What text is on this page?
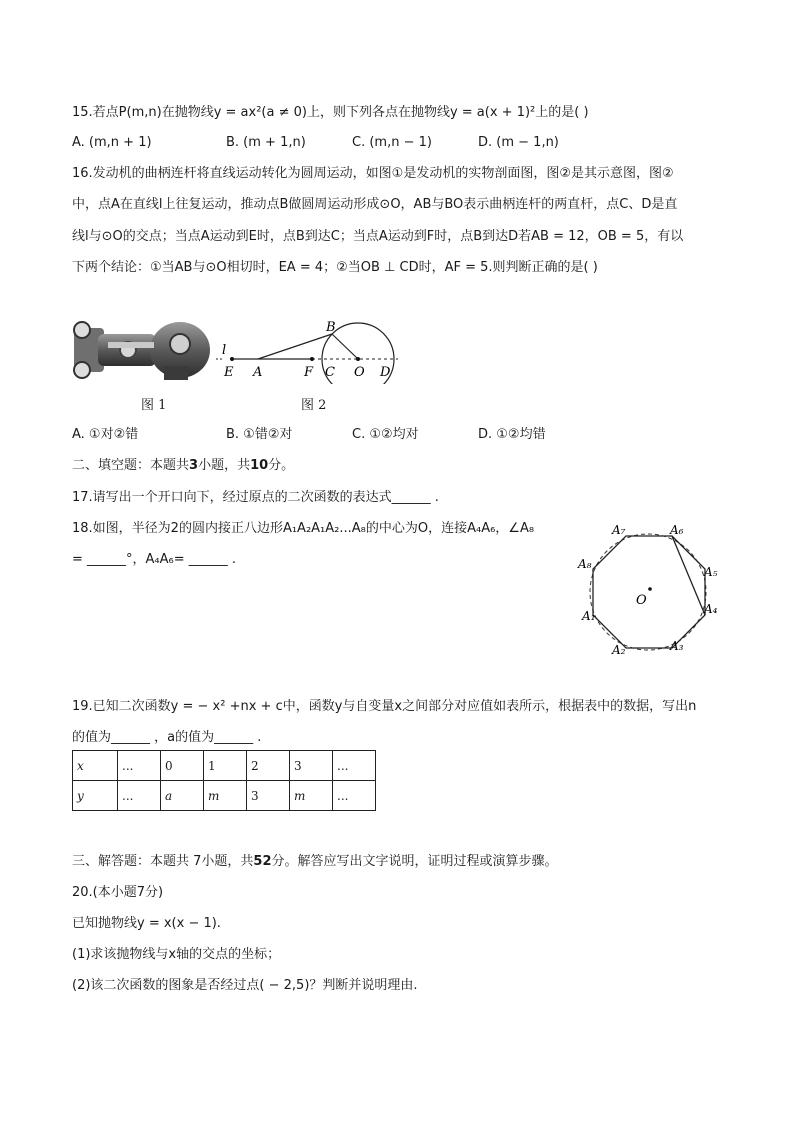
15.若点P(m,n)在抛物线y = ax²(a ≠ 0)上，则下列各点在抛物线y = a(x + 1)²上的是( )
A. (m,n + 1)	B. (m + 1,n)	C. (m,n − 1)	D. (m − 1,n)
16.发动机的曲柄连杆将直线运动转化为圆周运动，如图①是发动机的实物剖面图，图②是其示意图，图②
中，点A在直线l上往复运动，推动点B做圆周运动形成⊙O，AB与BO表示曲柄连杆的两直杆，点C、D是直
线l与⊙O的交点；当点A运动到E时，点B到达C；当点A运动到F时，点B到达D若AB = 12，OB = 5，有以
下两个结论：①当AB与⊙O相切时，EA = 4；②当OB ⊥ CD时，AF = 5.则判断正确的是( )
图 1
B
l
E A	F C O D
图 2
A. ①对②错	B. ①错②对	C. ①②均对	D. ①②均错
二、填空题：本题共3小题，共10分。
17.请写出一个开口向下，经过原点的二次函数的表达式______ .
18.如图，半径为2的圆内接正八边形A₁A₂A₁A₂...A₈的中心为O，连接A₄A₆，∠A₈
= ______°，A₄A₆= ______ .
O
A₇	A₆
A₈
A₅
A₄
A₁
A₂	A₃
19.已知二次函数y = − x² +nx + c中，函数y与自变量x之间部分对应值如表所示，根据表中的数据，写出n
的值为______ ，a的值为______ .
x	...	0	1	2	3	...
y	...	a	m	3	m	...
三、解答题：本题共 7小题，共52分。解答应写出文字说明，证明过程或演算步骤。
20.(本小题7分)
已知抛物线y = x(x − 1).
(1)求该抛物线与x轴的交点的坐标；
(2)该二次函数的图象是否经过点( − 2,5)？判断并说明理由.
